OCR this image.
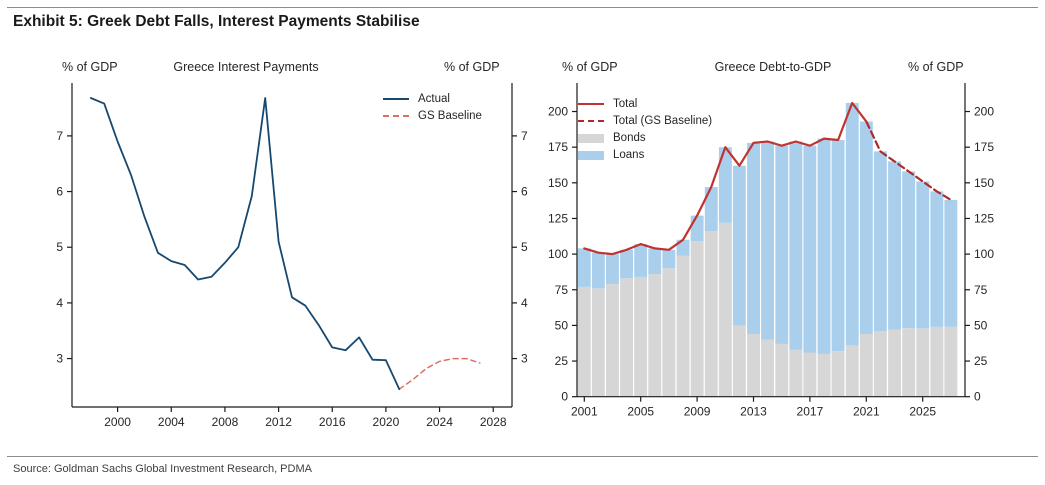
Exhibit 5: Greek Debt Falls, Interest Payments Stabilise
% of GDP	Greece Interest Payments	% of GDP
3	3
4	4
5	5
6	6
7	7
2000 2004 2008 2012 2016 2020 2024 2028
Actual
GS Baseline
% of GDP	Greece Debt-to-GDP	% of GDP
0	0
25	25
50	50
75	75
100	100
125	125
150	150
175	175
200	200
2001 2005 2009 2013 2017 2021 2025
Total
Total (GS Baseline)
Bonds
Loans
Source: Goldman Sachs Global Investment Research, PDMA
